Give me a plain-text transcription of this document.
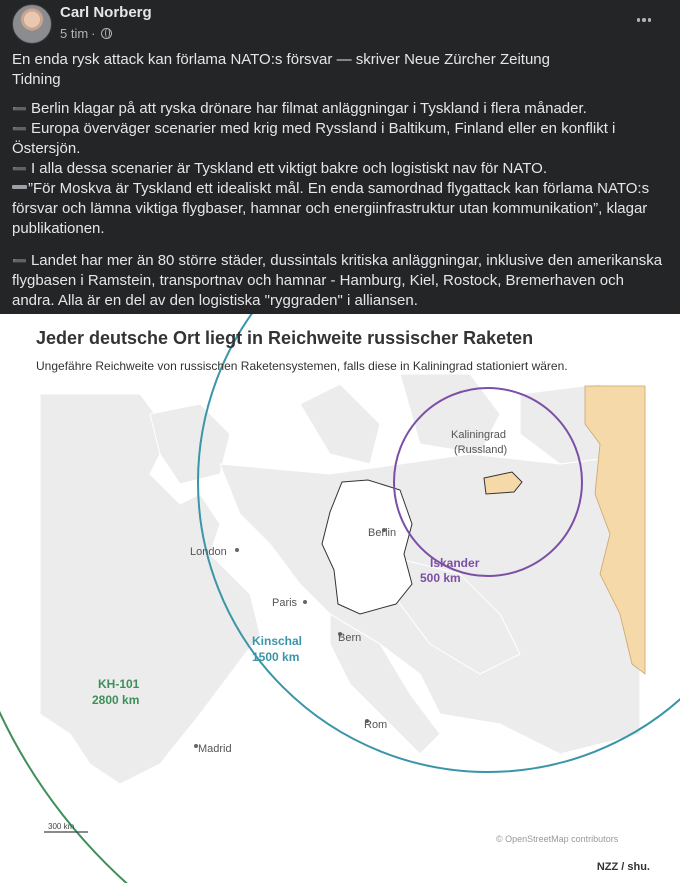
Carl Norberg
5 tim ·

En enda rysk attack kan förlama NATO:s försvar — skriver Neue Zürcher Zeitung

Tidning

➖ Berlin klagar på att ryska drönare har filmat anläggningar i Tyskland i flera månader.

➖ Europa överväger scenarier med krig med Ryssland i Baltikum, Finland eller en konflikt i

Östersjön.

➖ I alla dessa scenarier är Tyskland ett viktigt bakre och logistiskt nav för NATO.

”För Moskva är Tyskland ett idealiskt mål. En enda samordnad flygattack kan förlama NATO:s

försvar och lämna viktiga flygbaser, hamnar och energiinfrastruktur utan kommunikation”, klagar

publikationen.

➖ Landet har mer än 80 större städer, dussintals kritiska anläggningar, inklusive den amerikanska

flygbasen i Ramstein, transportnav och hamnar - Hamburg, Kiel, Rostock, Bremerhaven och

andra. Alla är en del av den logistiska "ryggraden" i alliansen.

Kaliningrad
(Russland)
Berlin
London
Paris
Bern
Rom
Madrid
Iskander
500 km
Kinschal
1500 km
KH-101
2800 km
Jeder deutsche Ort liegt in Reichweite russischer Raketen
Ungefähre Reichweite von russischen Raketensystemen, falls diese in Kaliningrad stationiert wären.
300 km
© OpenStreetMap contributors
NZZ / shu.
